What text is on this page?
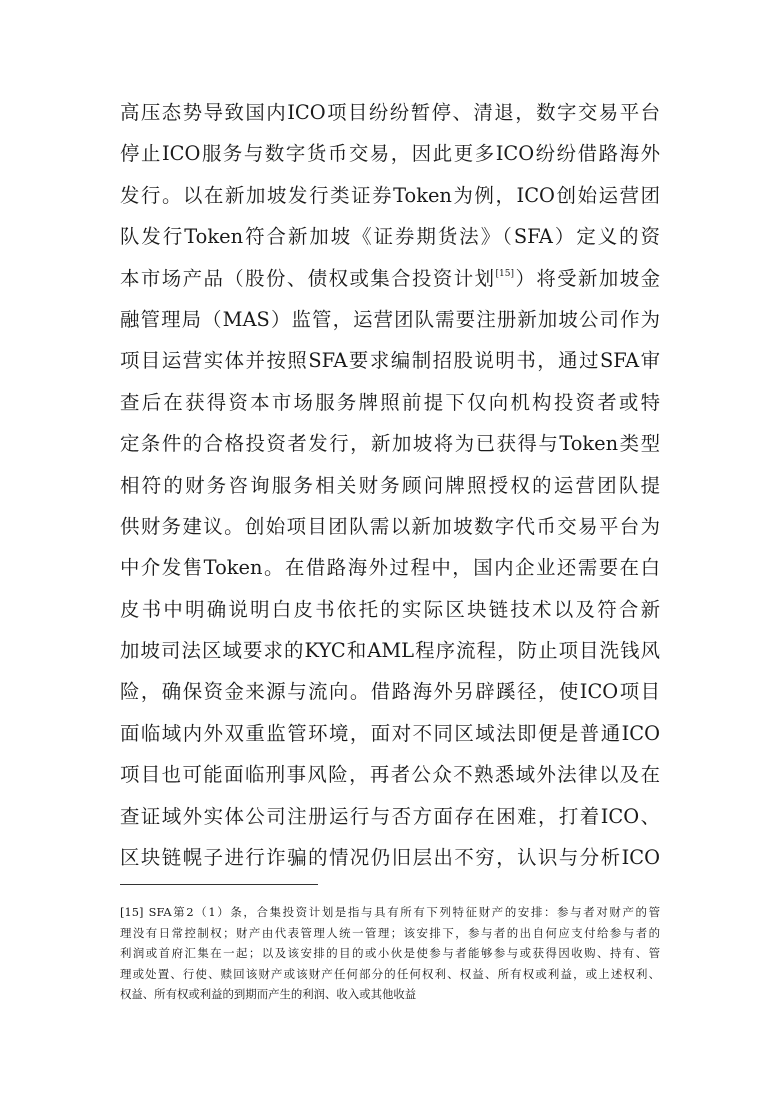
高压态势导致国内ICO项目纷纷暂停、清退，数字交易平台
停止ICO服务与数字货币交易，因此更多ICO纷纷借路海外
发行。以在新加坡发行类证券Token为例，ICO创始运营团
队发行Token符合新加坡《证券期货法》（SFA）定义的资
本市场产品（股份、债权或集合投资计划[15]）将受新加坡金
融管理局（MAS）监管，运营团队需要注册新加坡公司作为
项目运营实体并按照SFA要求编制招股说明书，通过SFA审
查后在获得资本市场服务牌照前提下仅向机构投资者或特
定条件的合格投资者发行，新加坡将为已获得与Token类型
相符的财务咨询服务相关财务顾问牌照授权的运营团队提
供财务建议。创始项目团队需以新加坡数字代币交易平台为
中介发售Token。在借路海外过程中，国内企业还需要在白
皮书中明确说明白皮书依托的实际区块链技术以及符合新
加坡司法区域要求的KYC和AML程序流程，防止项目洗钱风
险，确保资金来源与流向。借路海外另辟蹊径，使ICO项目
面临域内外双重监管环境，面对不同区域法即便是普通ICO
项目也可能面临刑事风险，再者公众不熟悉域外法律以及在
查证域外实体公司注册运行与否方面存在困难，打着ICO、
区块链幌子进行诈骗的情况仍旧层出不穷，认识与分析ICO
[15] SFA第2（1）条，合集投资计划是指与具有所有下列特征财产的安排：参与者对财产的管
理没有日常控制权；财产由代表管理人统一管理；该安排下，参与者的出自何应支付给参与者的
利润或首府汇集在一起；以及该安排的目的或小伙是使参与者能够参与或获得因收购、持有、管
理或处置、行使、赎回该财产或该财产任何部分的任何权利、权益、所有权或利益，或上述权利、
权益、所有权或利益的到期而产生的利润、收入或其他收益
